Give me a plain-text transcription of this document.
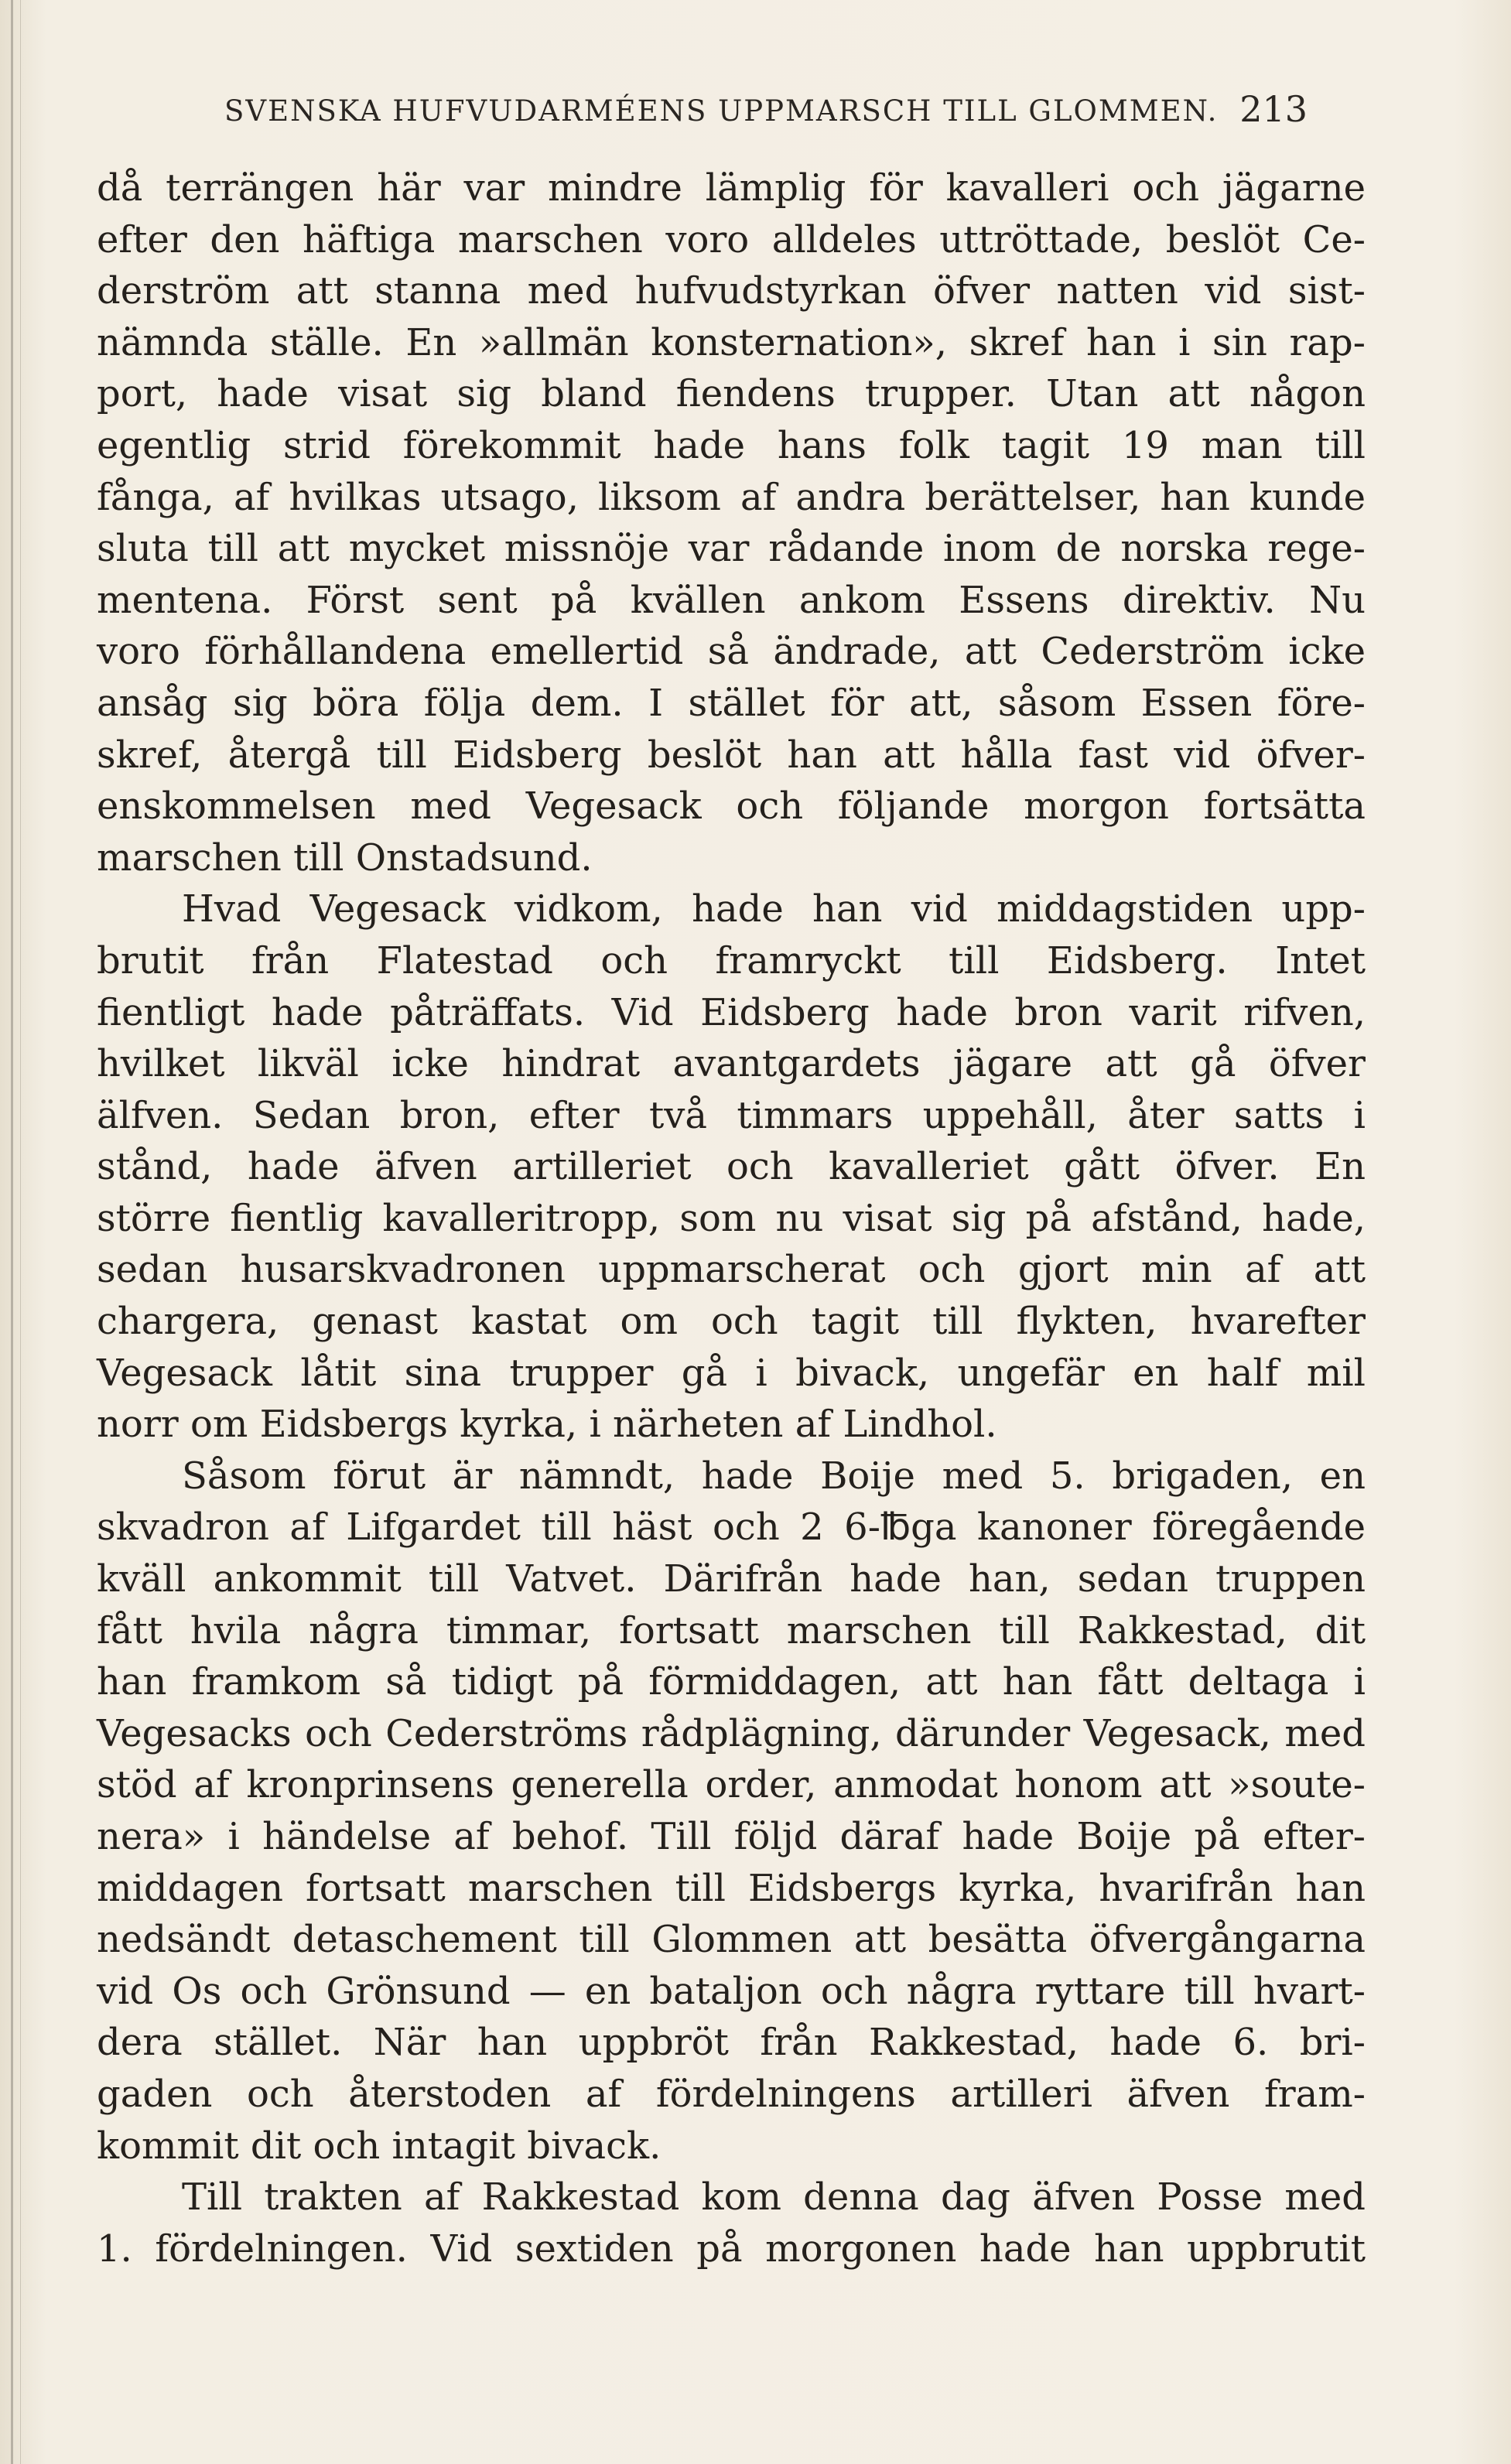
SVENSKA HUFVUDARMÉENS UPPMARSCH TILL GLOMMEN. 213
då terrängen här var mindre lämplig för kavalleri och jägarne
efter den häftiga marschen voro alldeles uttröttade, beslöt Ce-
derström att stanna med hufvudstyrkan öfver natten vid sist-
nämnda ställe. En »allmän konsternation», skref han i sin rap-
port, hade visat sig bland fiendens trupper. Utan att någon
egentlig strid förekommit hade hans folk tagit 19 man till
fånga, af hvilkas utsago, liksom af andra berättelser, han kunde
sluta till att mycket missnöje var rådande inom de norska rege-
mentena. Först sent på kvällen ankom Essens direktiv. Nu
voro förhållandena emellertid så ändrade, att Cederström icke
ansåg sig böra följa dem. I stället för att, såsom Essen före-
skref, återgå till Eidsberg beslöt han att hålla fast vid öfver-
enskommelsen med Vegesack och följande morgon fortsätta
marschen till Onstadsund.
Hvad Vegesack vidkom, hade han vid middagstiden upp-
brutit från Flatestad och framryckt till Eidsberg. Intet
fientligt hade påträffats. Vid Eidsberg hade bron varit rifven,
hvilket likväl icke hindrat avantgardets jägare att gå öfver
älfven. Sedan bron, efter två timmars uppehåll, åter satts i
stånd, hade äfven artilleriet och kavalleriet gått öfver. En
större fientlig kavalleritropp, som nu visat sig på afstånd, hade,
sedan husarskvadronen uppmarscherat och gjort min af att
chargera, genast kastat om och tagit till flykten, hvarefter
Vegesack låtit sina trupper gå i bivack, ungefär en half mil
norr om Eidsbergs kyrka, i närheten af Lindhol.
Såsom förut är nämndt, hade Boije med 5. brigaden, en
skvadron af Lifgardet till häst och 2 6-℔ga kanoner föregående
kväll ankommit till Vatvet. Därifrån hade han, sedan truppen
fått hvila några timmar, fortsatt marschen till Rakkestad, dit
han framkom så tidigt på förmiddagen, att han fått deltaga i
Vegesacks och Cederströms rådplägning, därunder Vegesack, med
stöd af kronprinsens generella order, anmodat honom att »soute-
nera» i händelse af behof. Till följd däraf hade Boije på efter-
middagen fortsatt marschen till Eidsbergs kyrka, hvarifrån han
nedsändt detaschement till Glommen att besätta öfvergångarna
vid Os och Grönsund — en bataljon och några ryttare till hvart-
dera stället. När han uppbröt från Rakkestad, hade 6. bri-
gaden och återstoden af fördelningens artilleri äfven fram-
kommit dit och intagit bivack.
Till trakten af Rakkestad kom denna dag äfven Posse med
1. fördelningen. Vid sextiden på morgonen hade han uppbrutit
